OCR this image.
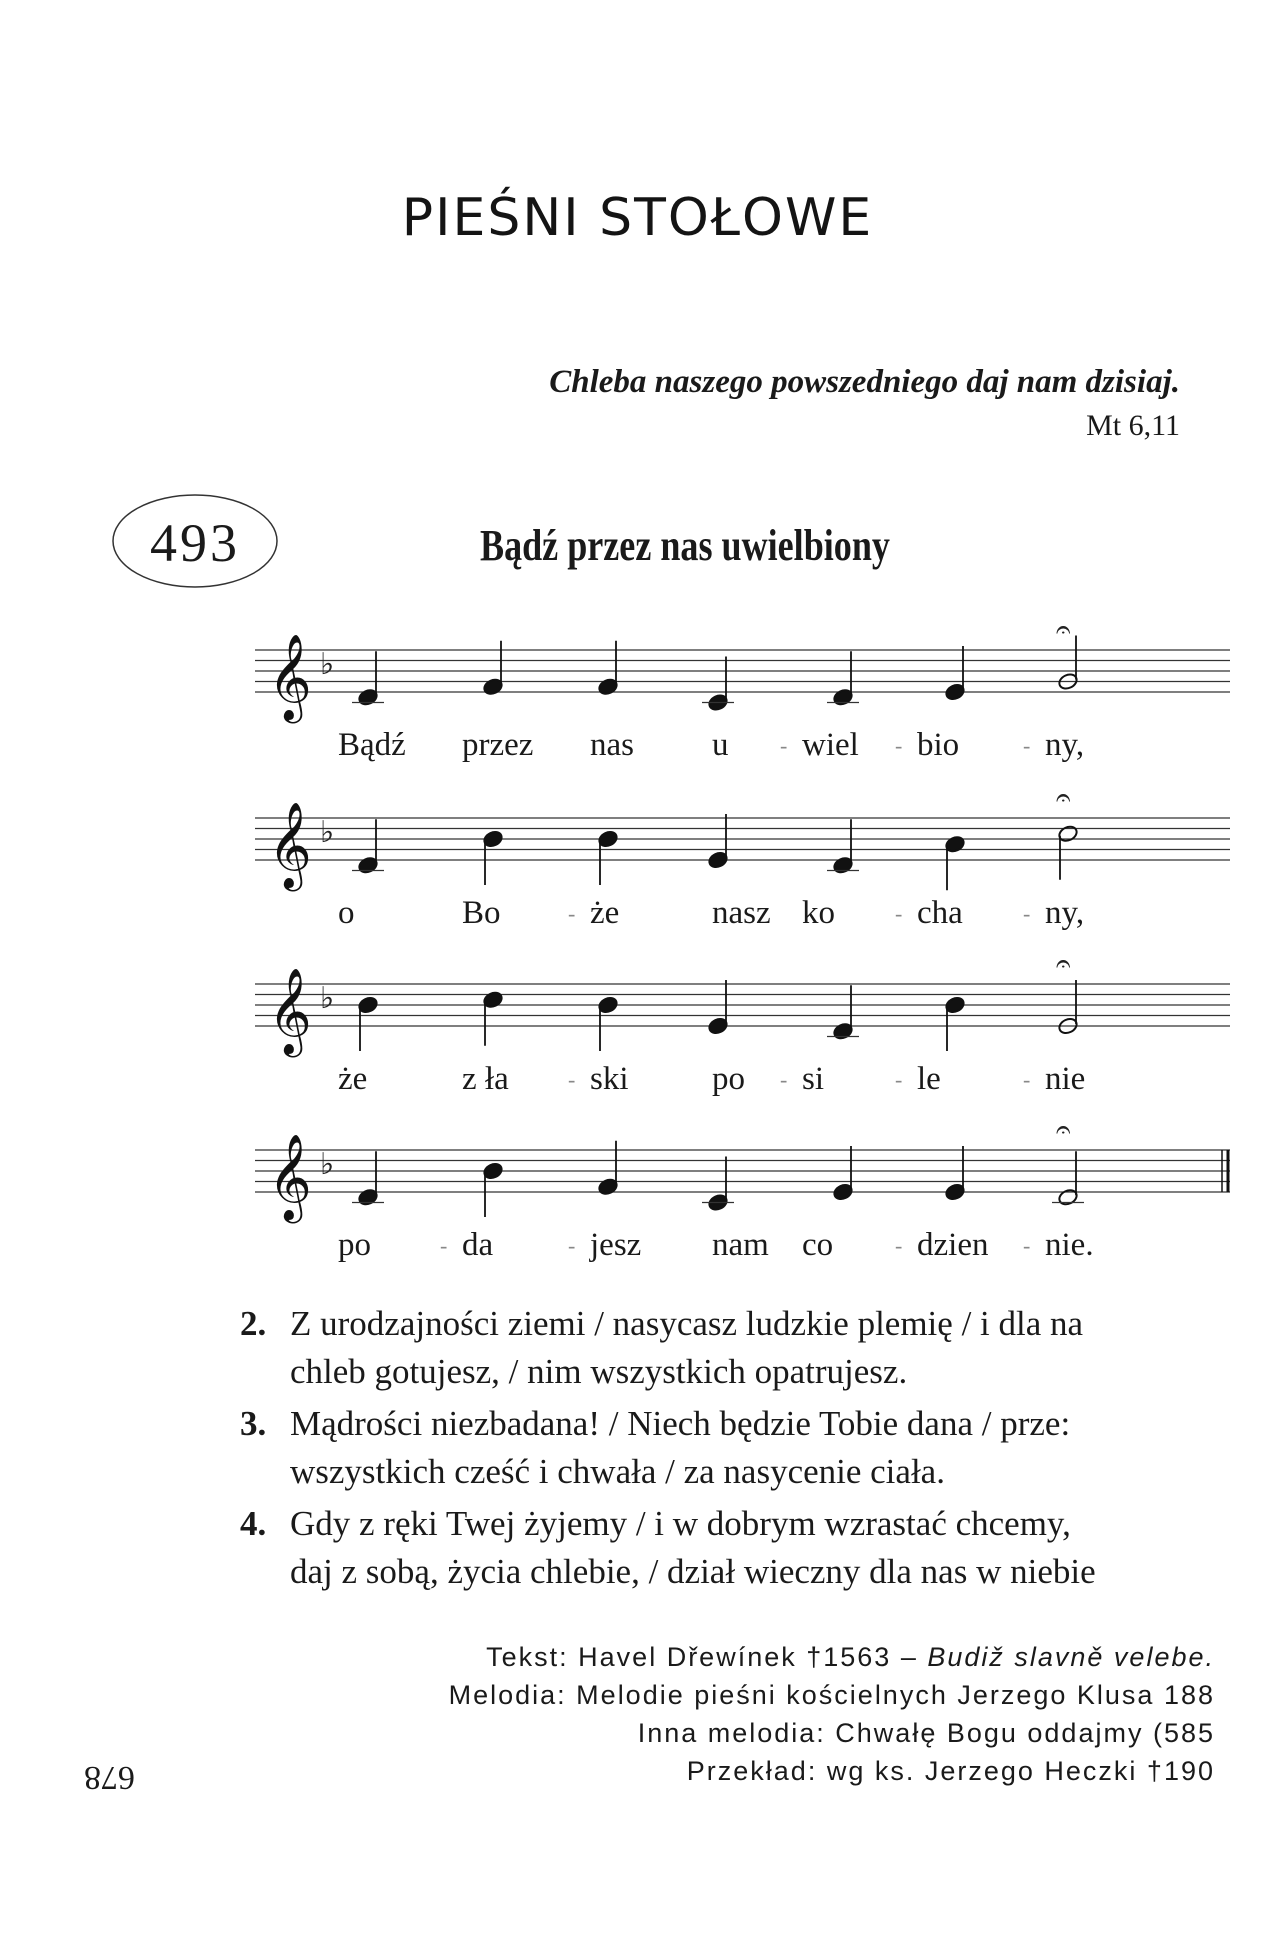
PIEŚNI STOŁOWE
Chleba naszego powszedniego daj nam dzisiaj.
Mt 6,11
493	Bądź przez nas uwielbiony
𝄞 ♭
𝄐
𝄞 ♭
𝄐
𝄞 ♭
𝄐
𝄞 ♭
𝄐
Bądź przez nas u - wiel - bio	- ny,
o	Bo	- że	nasz ko	- cha	- ny,
że	z ła	- ski	po - si	- le	- nie
po	- da	- jesz nam co	- dzien - nie.
2. Z urodzajności ziemi / nasycasz ludzkie plemię / i dla na
chleb gotujesz, / nim wszystkich opatrujesz.
3. Mądrości niezbadana! / Niech będzie Tobie dana / prze:
wszystkich cześć i chwała / za nasycenie ciała.
4. Gdy z ręki Twej żyjemy / i w dobrym wzrastać chcemy,
daj z sobą, życia chlebie, / dział wieczny dla nas w niebie
Tekst: Havel Dřewínek †1563 – Budiž slavně velebe.
Melodia: Melodie pieśni kościelnych Jerzego Klusa 188
Inna melodia: Chwałę Bogu oddajmy (585
Przekład: wg ks. Jerzego Heczki †190
678
